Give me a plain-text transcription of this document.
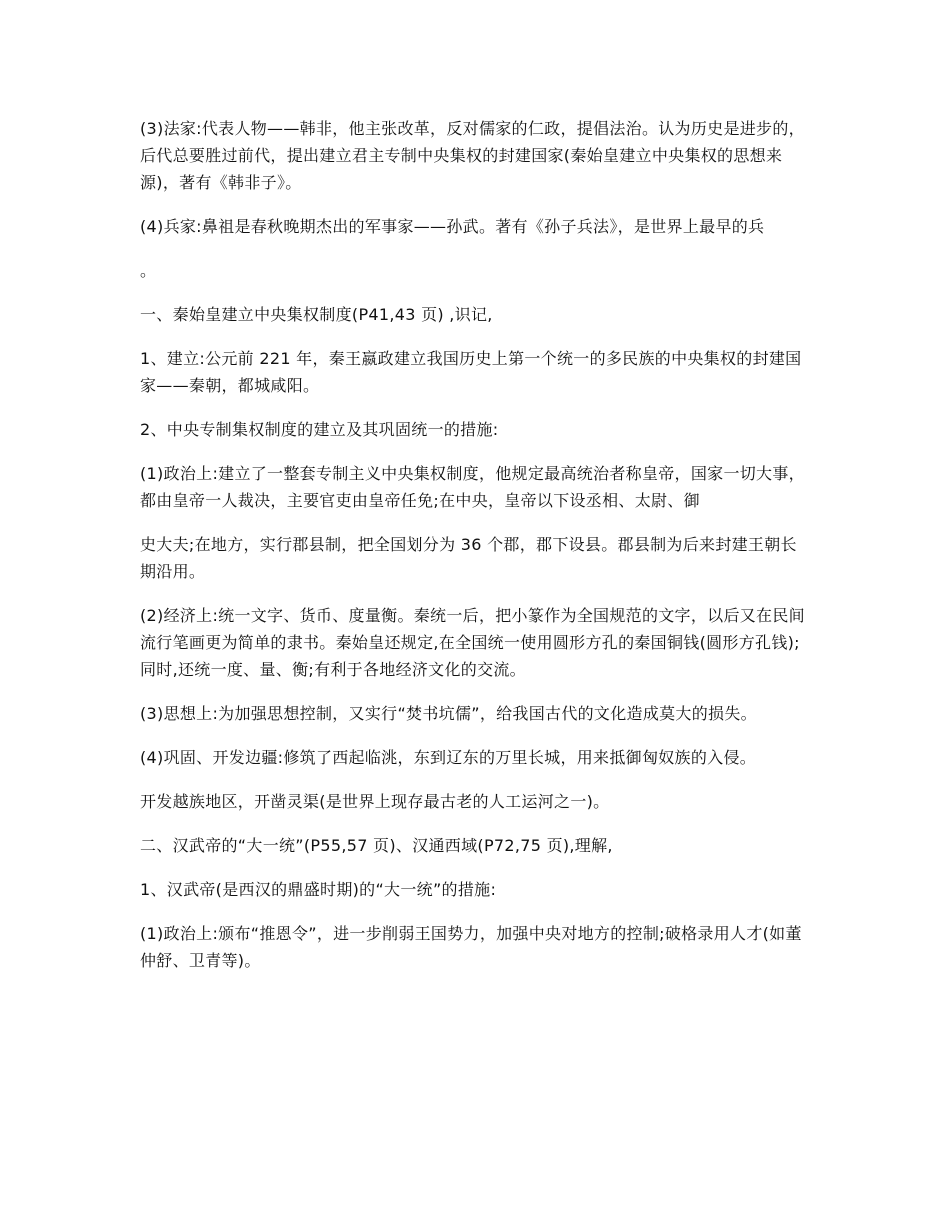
(3)法家:代表人物——韩非，他主张改革，反对儒家的仁政，提倡法治。认为历史是进步的，后代总要胜过前代，提出建立君主专制中央集权的封建国家(秦始皇建立中央集权的思想来源)，著有《韩非子》。

(4)兵家:鼻祖是春秋晚期杰出的军事家——孙武。著有《孙子兵法》，是世界上最早的兵

。

一、秦始皇建立中央集权制度(P41,43 页) ,识记,

1、建立:公元前 221 年，秦王嬴政建立我国历史上第一个统一的多民族的中央集权的封建国家——秦朝，都城咸阳。

2、中央专制集权制度的建立及其巩固统一的措施:

(1)政治上:建立了一整套专制主义中央集权制度，他规定最高统治者称皇帝，国家一切大事，都由皇帝一人裁决，主要官吏由皇帝任免;在中央，皇帝以下设丞相、太尉、御

史大夫;在地方，实行郡县制，把全国划分为 36 个郡，郡下设县。郡县制为后来封建王朝长期沿用。

(2)经济上:统一文字、货币、度量衡。秦统一后，把小篆作为全国规范的文字，以后又在民间流行笔画更为简单的隶书。秦始皇还规定,在全国统一使用圆形方孔的秦国铜钱(圆形方孔钱);同时,还统一度、量、衡;有利于各地经济文化的交流。

(3)思想上:为加强思想控制，又实行“焚书坑儒”，给我国古代的文化造成莫大的损失。

(4)巩固、开发边疆:修筑了西起临洮，东到辽东的万里长城，用来抵御匈奴族的入侵。

开发越族地区，开凿灵渠(是世界上现存最古老的人工运河之一)。

二、汉武帝的“大一统”(P55,57 页)、汉通西域(P72,75 页),理解,

1、汉武帝(是西汉的鼎盛时期)的“大一统”的措施:

(1)政治上:颁布“推恩令”，进一步削弱王国势力，加强中央对地方的控制;破格录用人才(如董仲舒、卫青等)。
